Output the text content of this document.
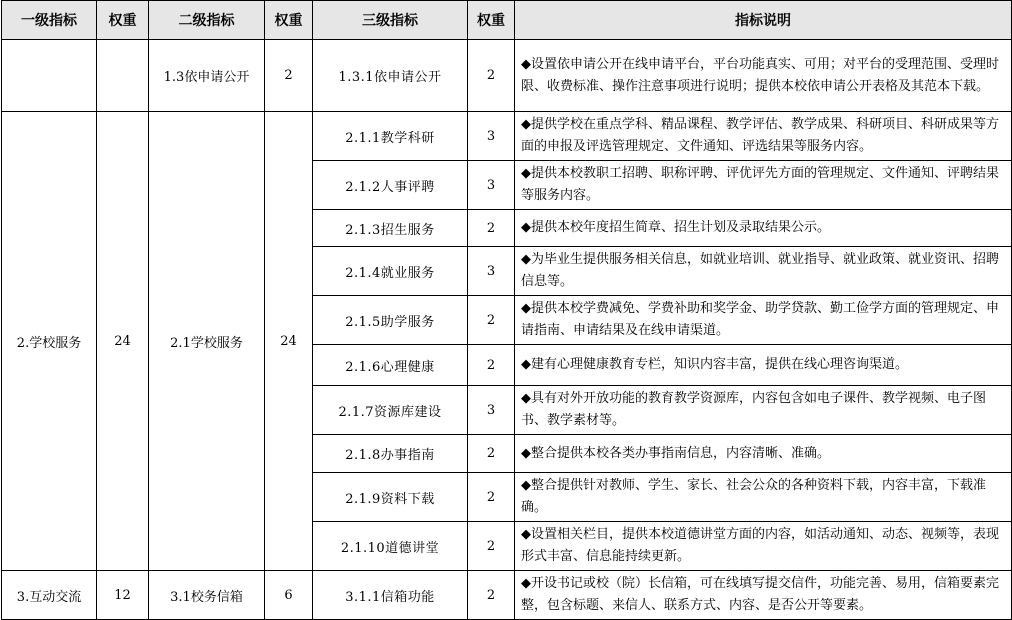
一级指标	权重	二级指标	权重	三级指标	权重	指标说明
		1.3依申请公开	2	1.3.1依申请公开	2	◆设置依申请公开在线申请平台，平台功能真实、可用；对平台的受理范围、受理时限、收费标准、操作注意事项进行说明；提供本校依申请公开表格及其范本下载。
2.学校服务	24	2.1学校服务	24	2.1.1教学科研	3	◆提供学校在重点学科、精品课程、教学评估、教学成果、科研项目、科研成果等方面的申报及评选管理规定、文件通知、评选结果等服务内容。
				2.1.2人事评聘	3	◆提供本校教职工招聘、职称评聘、评优评先方面的管理规定、文件通知、评聘结果等服务内容。
				2.1.3招生服务	2	◆提供本校年度招生简章、招生计划及录取结果公示。
				2.1.4就业服务	3	◆为毕业生提供服务相关信息，如就业培训、就业指导、就业政策、就业资讯、招聘信息等。
				2.1.5助学服务	2	◆提供本校学费减免、学费补助和奖学金、助学贷款、勤工俭学方面的管理规定、申请指南、申请结果及在线申请渠道。
				2.1.6心理健康	2	◆建有心理健康教育专栏，知识内容丰富，提供在线心理咨询渠道。
				2.1.7资源库建设	3	◆具有对外开放功能的教育教学资源库，内容包含如电子课件、教学视频、电子图书、教学素材等。
				2.1.8办事指南	2	◆整合提供本校各类办事指南信息，内容清晰、准确。
				2.1.9资料下载	2	◆整合提供针对教师、学生、家长、社会公众的各种资料下载，内容丰富，下载准确。
				2.1.10道德讲堂	2	◆设置相关栏目，提供本校道德讲堂方面的内容，如活动通知、动态、视频等，表现形式丰富、信息能持续更新。
3.互动交流	12	3.1校务信箱	6	3.1.1信箱功能	2	◆开设书记或校（院）长信箱，可在线填写提交信件，功能完善、易用，信箱要素完整，包含标题、来信人、联系方式、内容、是否公开等要素。
